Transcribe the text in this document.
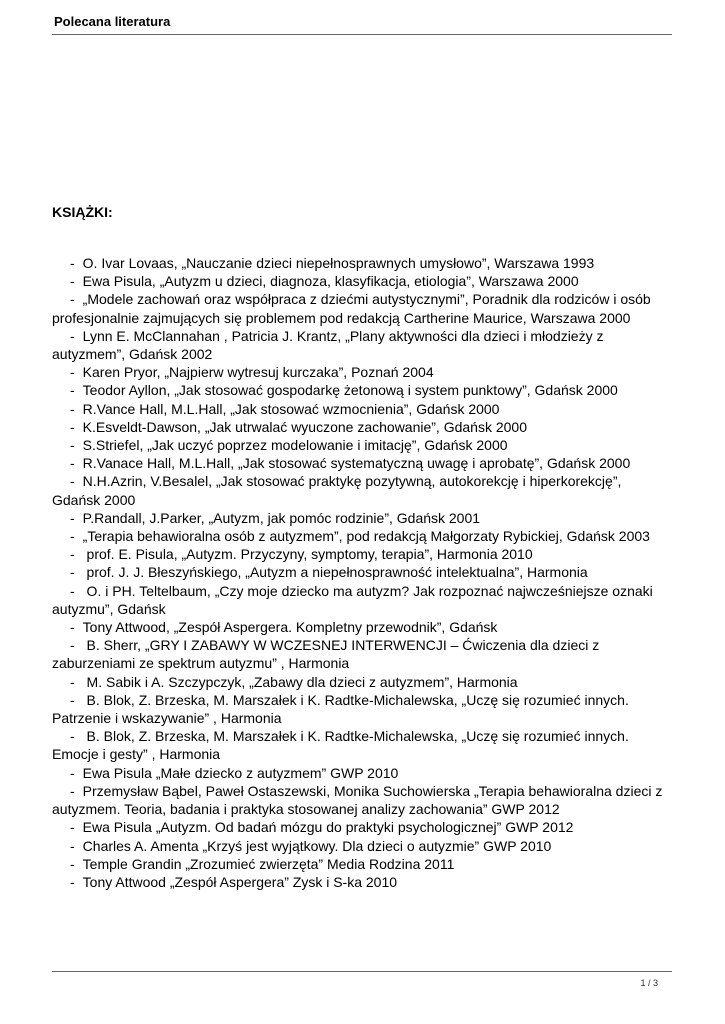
Polecana literatura
KSIĄŻKI:

- O. Ivar Lovaas, „Nauczanie dzieci niepełnosprawnych umysłowo”, Warszawa 1993

- Ewa Pisula, „Autyzm u dzieci, diagnoza, klasyfikacja, etiologia”, Warszawa 2000

- „Modele zachowań oraz współpraca z dziećmi autystycznymi”, Poradnik dla rodziców i osób profesjonalnie zajmujących się problemem pod redakcją Cartherine Maurice, Warszawa 2000

- Lynn E. McClannahan , Patricia J. Krantz, „Plany aktywności dla dzieci i młodzieży z autyzmem”, Gdańsk 2002

- Karen Pryor, „Najpierw wytresuj kurczaka”, Poznań 2004

- Teodor Ayllon, „Jak stosować gospodarkę żetonową i system punktowy”, Gdańsk 2000

- R.Vance Hall, M.L.Hall, „Jak stosować wzmocnienia”, Gdańsk 2000

- K.Esveldt-Dawson, „Jak utrwalać wyuczone zachowanie”, Gdańsk 2000

- S.Striefel, „Jak uczyć poprzez modelowanie i imitację”, Gdańsk 2000

- R.Vanace Hall, M.L.Hall, „Jak stosować systematyczną uwagę i aprobatę”, Gdańsk 2000

- N.H.Azrin, V.Besalel, „Jak stosować praktykę pozytywną, autokorekcję i hiperkorekcję”, Gdańsk 2000

- P.Randall, J.Parker, „Autyzm, jak pomóc rodzinie”, Gdańsk 2001

- „Terapia behawioralna osób z autyzmem”, pod redakcją Małgorzaty Rybickiej, Gdańsk 2003

- prof. E. Pisula, „Autyzm. Przyczyny, symptomy, terapia”, Harmonia 2010

- prof. J. J. Błeszyńskiego, „Autyzm a niepełnosprawność intelektualna”, Harmonia

- O. i PH. Teltelbaum, „Czy moje dziecko ma autyzm? Jak rozpoznać najwcześniejsze oznaki autyzmu”, Gdańsk

- Tony Attwood, „Zespół Aspergera. Kompletny przewodnik”, Gdańsk

- B. Sherr, „GRY I ZABAWY W WCZESNEJ INTERWENCJI – Ćwiczenia dla dzieci z zaburzeniami ze spektrum autyzmu” , Harmonia

- M. Sabik i A. Szczypczyk, „Zabawy dla dzieci z autyzmem”, Harmonia

- B. Blok, Z. Brzeska, M. Marszałek i K. Radtke-Michalewska, „Uczę się rozumieć innych. Patrzenie i wskazywanie” , Harmonia

- B. Blok, Z. Brzeska, M. Marszałek i K. Radtke-Michalewska, „Uczę się rozumieć innych. Emocje i gesty” , Harmonia

- Ewa Pisula „Małe dziecko z autyzmem” GWP 2010

- Przemysław Bąbel, Paweł Ostaszewski, Monika Suchowierska „Terapia behawioralna dzieci z autyzmem. Teoria, badania i praktyka stosowanej analizy zachowania” GWP 2012

- Ewa Pisula „Autyzm. Od badań mózgu do praktyki psychologicznej” GWP 2012

- Charles A. Amenta „Krzyś jest wyjątkowy. Dla dzieci o autyzmie” GWP 2010

- Temple Grandin „Zrozumieć zwierzęta” Media Rodzina 2011

- Tony Attwood „Zespół Aspergera” Zysk i S-ka 2010

1 / 3
